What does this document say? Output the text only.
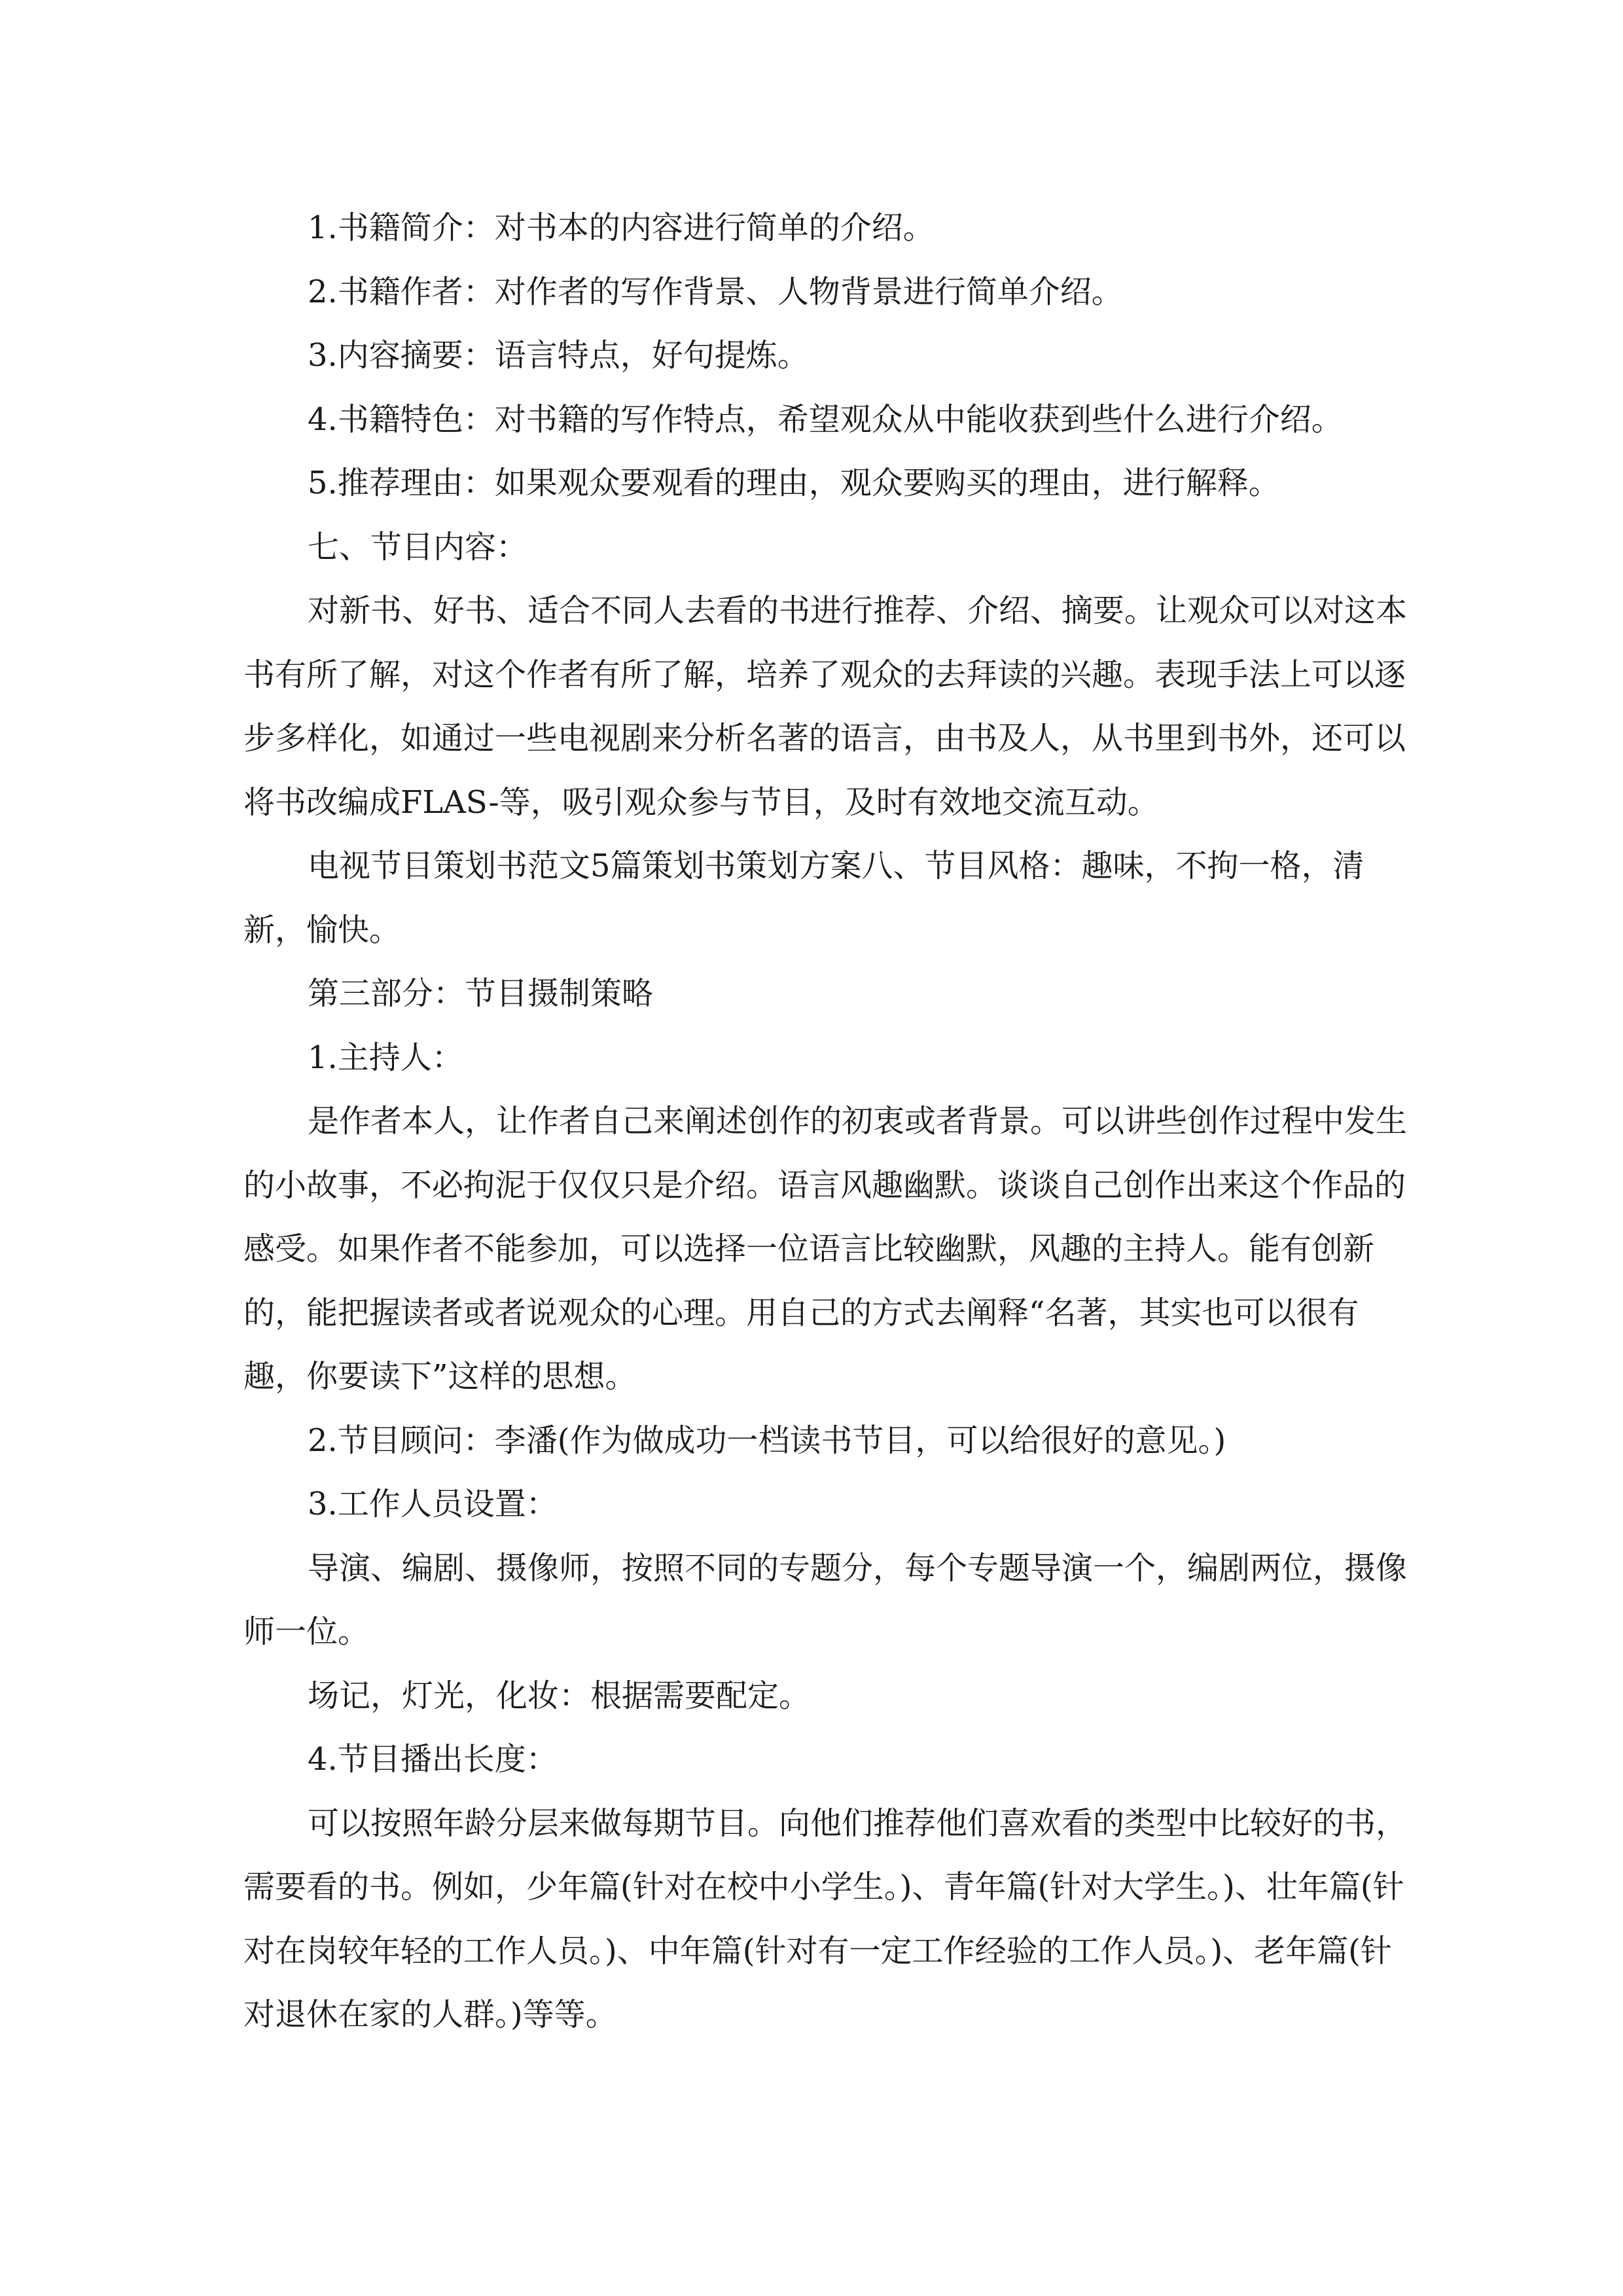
1.书籍简介：对书本的内容进行简单的介绍。

2.书籍作者：对作者的写作背景、人物背景进行简单介绍。

3.内容摘要：语言特点，好句提炼。

4.书籍特色：对书籍的写作特点，希望观众从中能收获到些什么进行介绍。

5.推荐理由：如果观众要观看的理由，观众要购买的理由，进行解释。

七、节目内容：

对新书、好书、适合不同人去看的书进行推荐、介绍、摘要。让观众可以对这本书有所了解，对这个作者有所了解，培养了观众的去拜读的兴趣。表现手法上可以逐步多样化，如通过一些电视剧来分析名著的语言，由书及人，从书里到书外，还可以将书改编成FLAS-等，吸引观众参与节目，及时有效地交流互动。

电视节目策划书范文5篇策划书策划方案八、节目风格：趣味，不拘一格，清新，愉快。

第三部分：节目摄制策略

1.主持人：

是作者本人，让作者自己来阐述创作的初衷或者背景。可以讲些创作过程中发生的小故事，不必拘泥于仅仅只是介绍。语言风趣幽默。谈谈自己创作出来这个作品的感受。如果作者不能参加，可以选择一位语言比较幽默，风趣的主持人。能有创新的，能把握读者或者说观众的心理。用自己的方式去阐释“名著，其实也可以很有趣，你要读下”这样的思想。

2.节目顾问：李潘(作为做成功一档读书节目，可以给很好的意见。)

3.工作人员设置：

导演、编剧、摄像师，按照不同的专题分，每个专题导演一个，编剧两位，摄像师一位。

场记，灯光，化妆：根据需要配定。

4.节目播出长度：

可以按照年龄分层来做每期节目。向他们推荐他们喜欢看的类型中比较好的书，需要看的书。例如，少年篇(针对在校中小学生。)、青年篇(针对大学生。)、壮年篇(针对在岗较年轻的工作人员。)、中年篇(针对有一定工作经验的工作人员。)、老年篇(针对退休在家的人群。)等等。
